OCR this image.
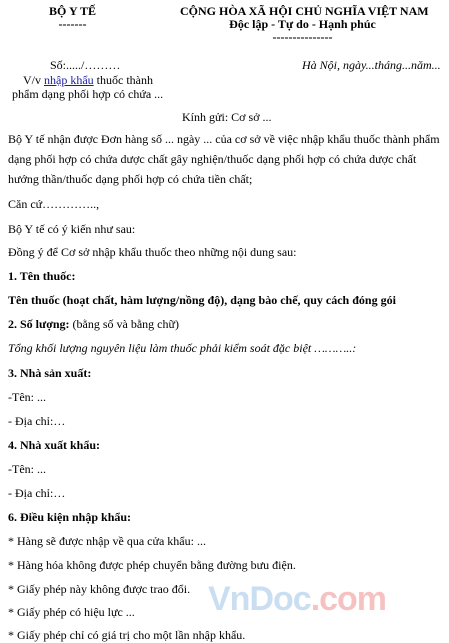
BỘ Y TẾ
-------
CỘNG HÒA XÃ HỘI CHỦ NGHĨA VIỆT NAM
Độc lập - Tự do - Hạnh phúc
---------------
Số:...../………	Hà Nội, ngày...tháng...năm...
V/v nhập khẩu thuốc thành
phẩm dạng phối hợp có chứa ...
Kính gửi: Cơ sở ...
Bộ Y tế nhận được Đơn hàng số ... ngày ... của cơ sở về việc nhập khẩu thuốc thành phẩm
dạng phối hợp có chứa dược chất gây nghiện/thuốc dạng phối hợp có chứa dược chất
hướng thần/thuốc dạng phối hợp có chứa tiền chất;
Căn cứ…………..,
Bộ Y tế có ý kiến như sau:
Đồng ý để Cơ sở nhập khẩu thuốc theo những nội dung sau:
1. Tên thuốc:
Tên thuốc (hoạt chất, hàm lượng/nồng độ), dạng bào chế, quy cách đóng gói
2. Số lượng: (bằng số và bằng chữ)
Tổng khối lượng nguyên liệu làm thuốc phải kiểm soát đặc biệt ………..:
3. Nhà sản xuất:
-Tên: ...
- Địa chỉ:…
4. Nhà xuất khẩu:
-Tên: ...
- Địa chỉ:…
6. Điều kiện nhập khẩu:
* Hàng sẽ được nhập về qua cửa khẩu: ...
* Hàng hóa không được phép chuyển bằng đường bưu điện.
* Giấy phép này không được trao đổi.
* Giấy phép có hiệu lực ...
* Giấy phép chỉ có giá trị cho một lần nhập khẩu.
VnDoc.com
